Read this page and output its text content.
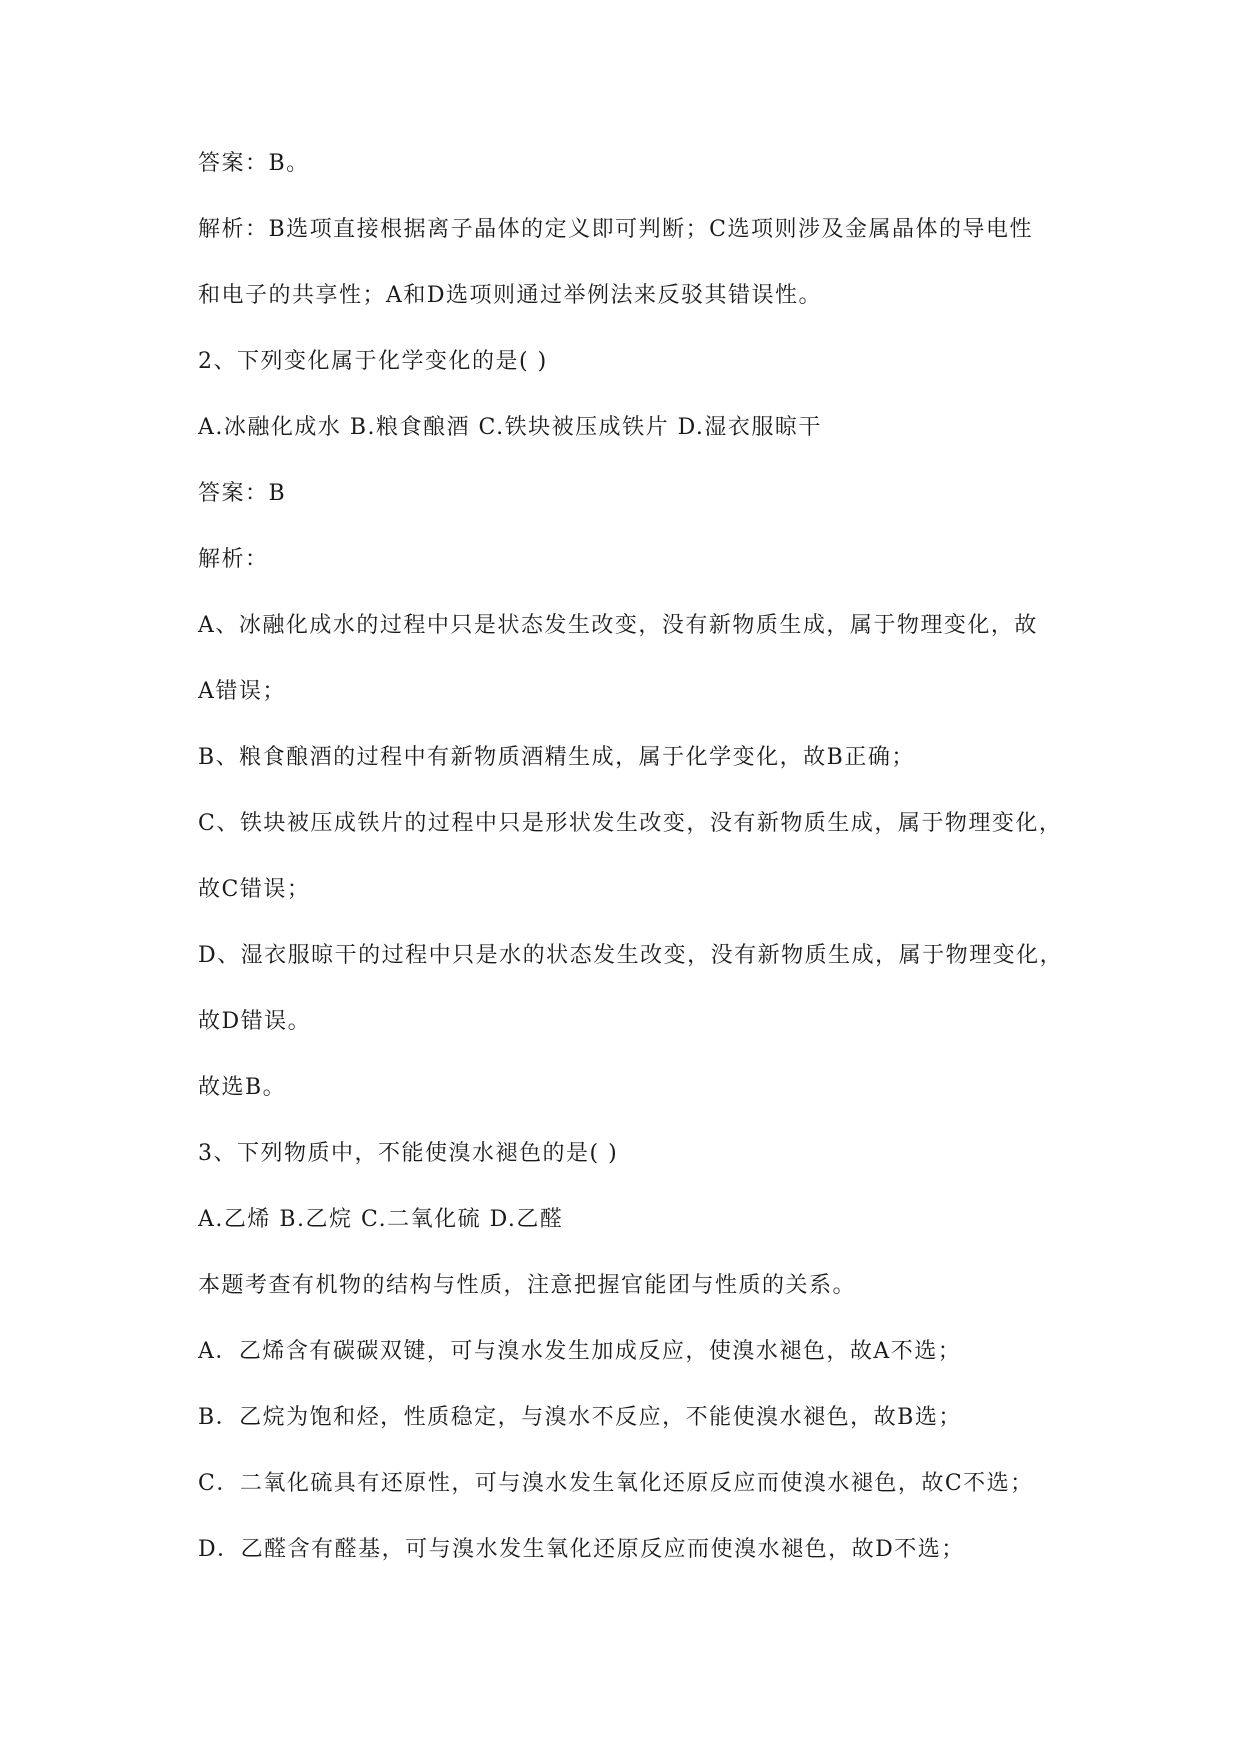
答案：B。

解析：B选项直接根据离子晶体的定义即可判断；C选项则涉及金属晶体的导电性

和电子的共享性；A和D选项则通过举例法来反驳其错误性。

2、下列变化属于化学变化的是( )

A.冰融化成水 B.粮食酿酒 C.铁块被压成铁片 D.湿衣服晾干

答案：B

解析：

A、冰融化成水的过程中只是状态发生改变，没有新物质生成，属于物理变化，故

A错误；

B、粮食酿酒的过程中有新物质酒精生成，属于化学变化，故B正确；

C、铁块被压成铁片的过程中只是形状发生改变，没有新物质生成，属于物理变化，

故C错误；

D、湿衣服晾干的过程中只是水的状态发生改变，没有新物质生成，属于物理变化，

故D错误。

故选B。

3、下列物质中，不能使溴水褪色的是( )

A.乙烯 B.乙烷 C.二氧化硫 D.乙醛

本题考查有机物的结构与性质，注意把握官能团与性质的关系。

A．乙烯含有碳碳双键，可与溴水发生加成反应，使溴水褪色，故A不选；

B．乙烷为饱和烃，性质稳定，与溴水不反应，不能使溴水褪色，故B选；

C．二氧化硫具有还原性，可与溴水发生氧化还原反应而使溴水褪色，故C不选；

D．乙醛含有醛基，可与溴水发生氧化还原反应而使溴水褪色，故D不选；
